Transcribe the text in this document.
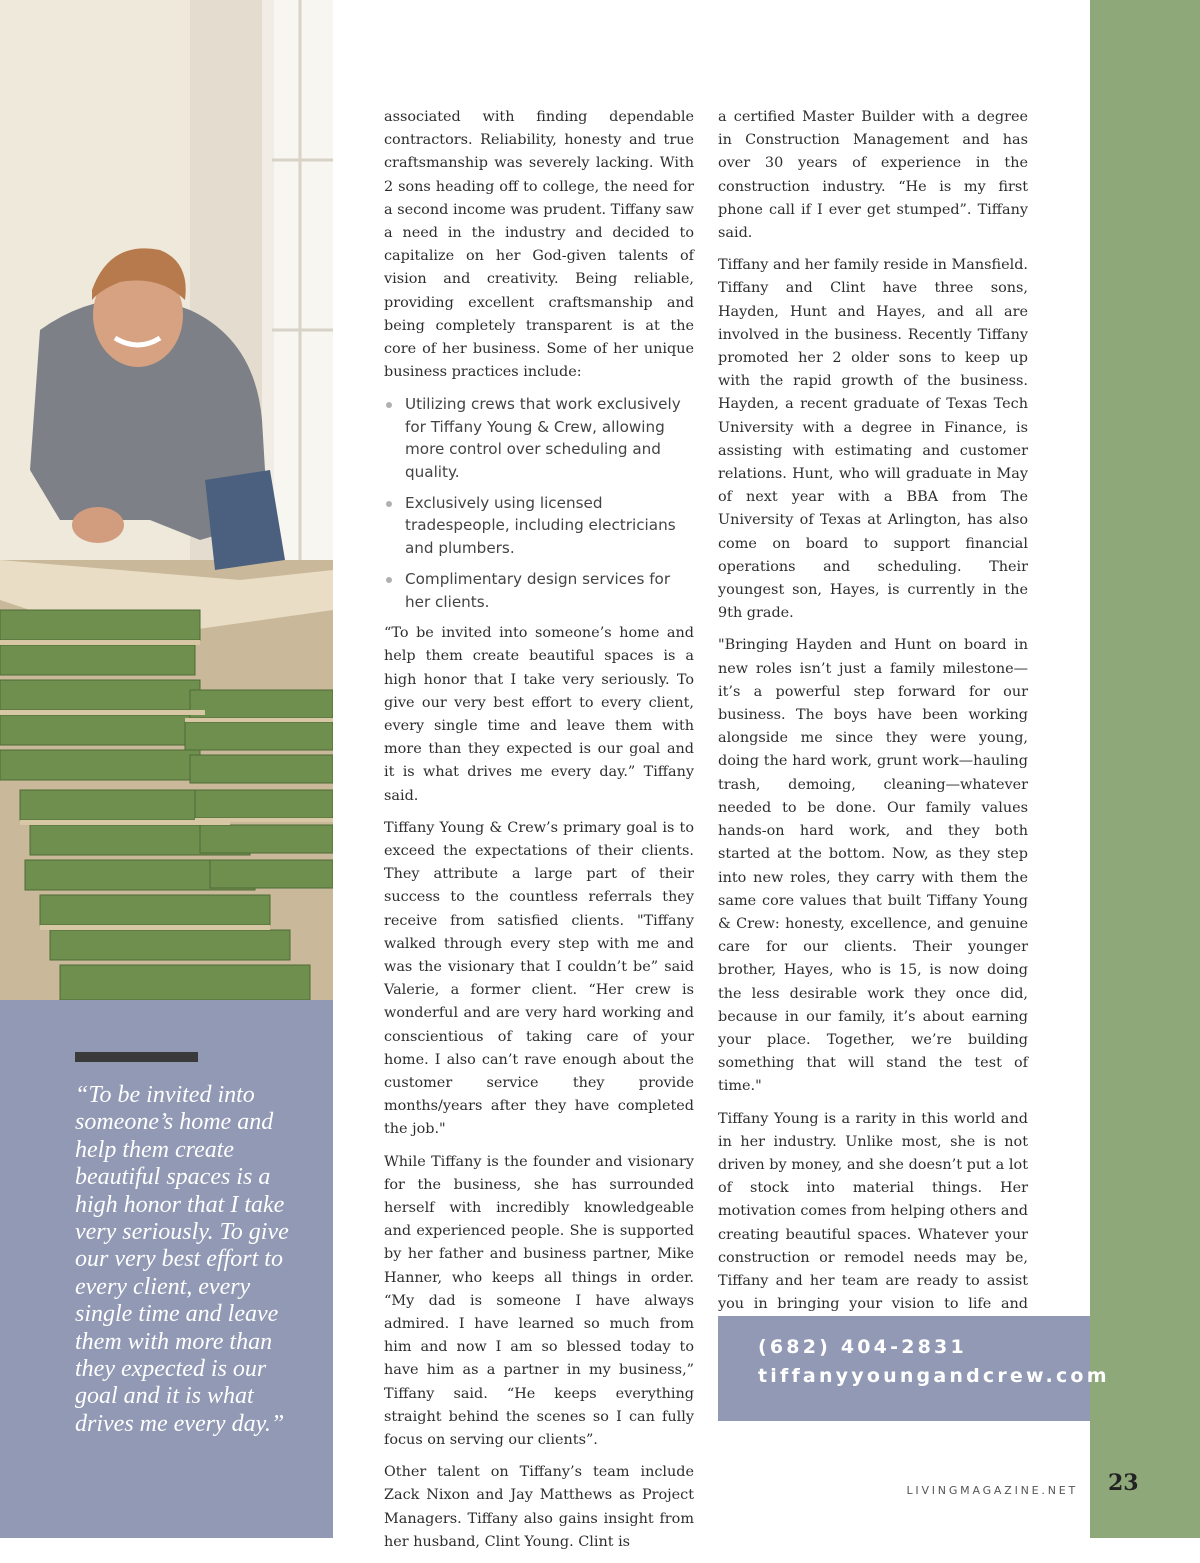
“To be invited into someone’s home and help them create beautiful spaces is a high honor that I take very seriously. To give our very best effort to every client, every single time and leave them with more than they expected is our goal and it is what drives me every day.”

associated with finding dependable contractors. Reliability, honesty and true craftsmanship was severely lacking. With 2 sons heading off to college, the need for a second income was prudent. Tiffany saw a need in the industry and decided to capitalize on her God-given talents of vision and creativity. Being reliable, providing excellent craftsmanship and being completely transparent is at the core of her business. Some of her unique business practices include:

Utilizing crews that work exclusively for Tiffany Young & Crew, allowing more control over scheduling and quality.
Exclusively using licensed tradespeople, including electricians and plumbers.
Complimentary design services for her clients.

“To be invited into someone’s home and help them create beautiful spaces is a high honor that I take very seriously. To give our very best effort to every client, every single time and leave them with more than they expected is our goal and it is what drives me every day.” Tiffany said.

Tiffany Young & Crew’s primary goal is to exceed the expectations of their clients. They attribute a large part of their success to the countless referrals they receive from satisfied clients. "Tiffany walked through every step with me and was the visionary that I couldn’t be” said Valerie, a former client. “Her crew is wonderful and are very hard working and conscientious of taking care of your home. I also can’t rave enough about the customer service they provide months/years after they have completed the job."

While Tiffany is the founder and visionary for the business, she has surrounded herself with incredibly knowledgeable and experienced people. She is supported by her father and business partner, Mike Hanner, who keeps all things in order. “My dad is someone I have always admired. I have learned so much from him and now I am so blessed today to have him as a partner in my business,” Tiffany said. “He keeps everything straight behind the scenes so I can fully focus on serving our clients”.

Other talent on Tiffany’s team include Zack Nixon and Jay Matthews as Project Managers. Tiffany also gains insight from her husband, Clint Young. Clint is

a certified Master Builder with a degree in Construction Management and has over 30 years of experience in the construction industry. “He is my first phone call if I ever get stumped”. Tiffany said.

Tiffany and her family reside in Mansfield. Tiffany and Clint have three sons, Hayden, Hunt and Hayes, and all are involved in the business. Recently Tiffany promoted her 2 older sons to keep up with the rapid growth of the business. Hayden, a recent graduate of Texas Tech University with a degree in Finance, is assisting with estimating and customer relations. Hunt, who will graduate in May of next year with a BBA from The University of Texas at Arlington, has also come on board to support financial operations and scheduling. Their youngest son, Hayes, is currently in the 9th grade.

"Bringing Hayden and Hunt on board in new roles isn’t just a family milestone—it’s a powerful step forward for our business. The boys have been working alongside me since they were young, doing the hard work, grunt work—hauling trash, demoing, cleaning—whatever needed to be done. Our family values hands-on hard work, and they both started at the bottom. Now, as they step into new roles, they carry with them the same core values that built Tiffany Young & Crew: honesty, excellence, and genuine care for our clients. Their younger brother, Hayes, who is 15, is now doing the less desirable work they once did, because in our family, it’s about earning your place. Together, we’re building something that will stand the test of time."

Tiffany Young is a rarity in this world and in her industry. Unlike most, she is not driven by money, and she doesn’t put a lot of stock into material things. Her motivation comes from helping others and creating beautiful spaces. Whatever your construction or remodel needs may be, Tiffany and her team are ready to assist you in bringing your vision to life and

(682) 404-2831
tiffanyyoungandcrew.com
LIVINGMAGAZINE.NET 23
